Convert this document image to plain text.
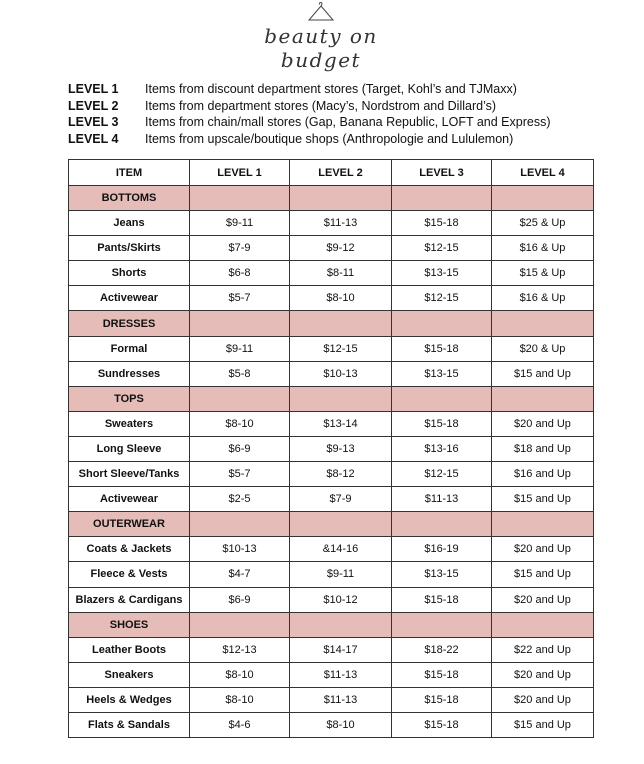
beauty on budget
LEVEL 1 Items from discount department stores (Target, Kohl’s and TJMaxx)
LEVEL 2 Items from department stores (Macy’s, Nordstrom and Dillard’s)
LEVEL 3 Items from chain/mall stores (Gap, Banana Republic, LOFT and Express)
LEVEL 4 Items from upscale/boutique shops (Anthropologie and Lululemon)
ITEM	LEVEL 1	LEVEL 2	LEVEL 3	LEVEL 4
BOTTOMS				
Jeans	$9-11	$11-13	$15-18	$25 & Up
Pants/Skirts	$7-9	$9-12	$12-15	$16 & Up
Shorts	$6-8	$8-11	$13-15	$15 & Up
Activewear	$5-7	$8-10	$12-15	$16 & Up
DRESSES				
Formal	$9-11	$12-15	$15-18	$20 & Up
Sundresses	$5-8	$10-13	$13-15	$15 and Up
TOPS				
Sweaters	$8-10	$13-14	$15-18	$20 and Up
Long Sleeve	$6-9	$9-13	$13-16	$18 and Up
Short Sleeve/Tanks	$5-7	$8-12	$12-15	$16 and Up
Activewear	$2-5	$7-9	$11-13	$15 and Up
OUTERWEAR				
Coats & Jackets	$10-13	&14-16	$16-19	$20 and Up
Fleece & Vests	$4-7	$9-11	$13-15	$15 and Up
Blazers & Cardigans	$6-9	$10-12	$15-18	$20 and Up
SHOES				
Leather Boots	$12-13	$14-17	$18-22	$22 and Up
Sneakers	$8-10	$11-13	$15-18	$20 and Up
Heels & Wedges	$8-10	$11-13	$15-18	$20 and Up
Flats & Sandals	$4-6	$8-10	$15-18	$15 and Up
